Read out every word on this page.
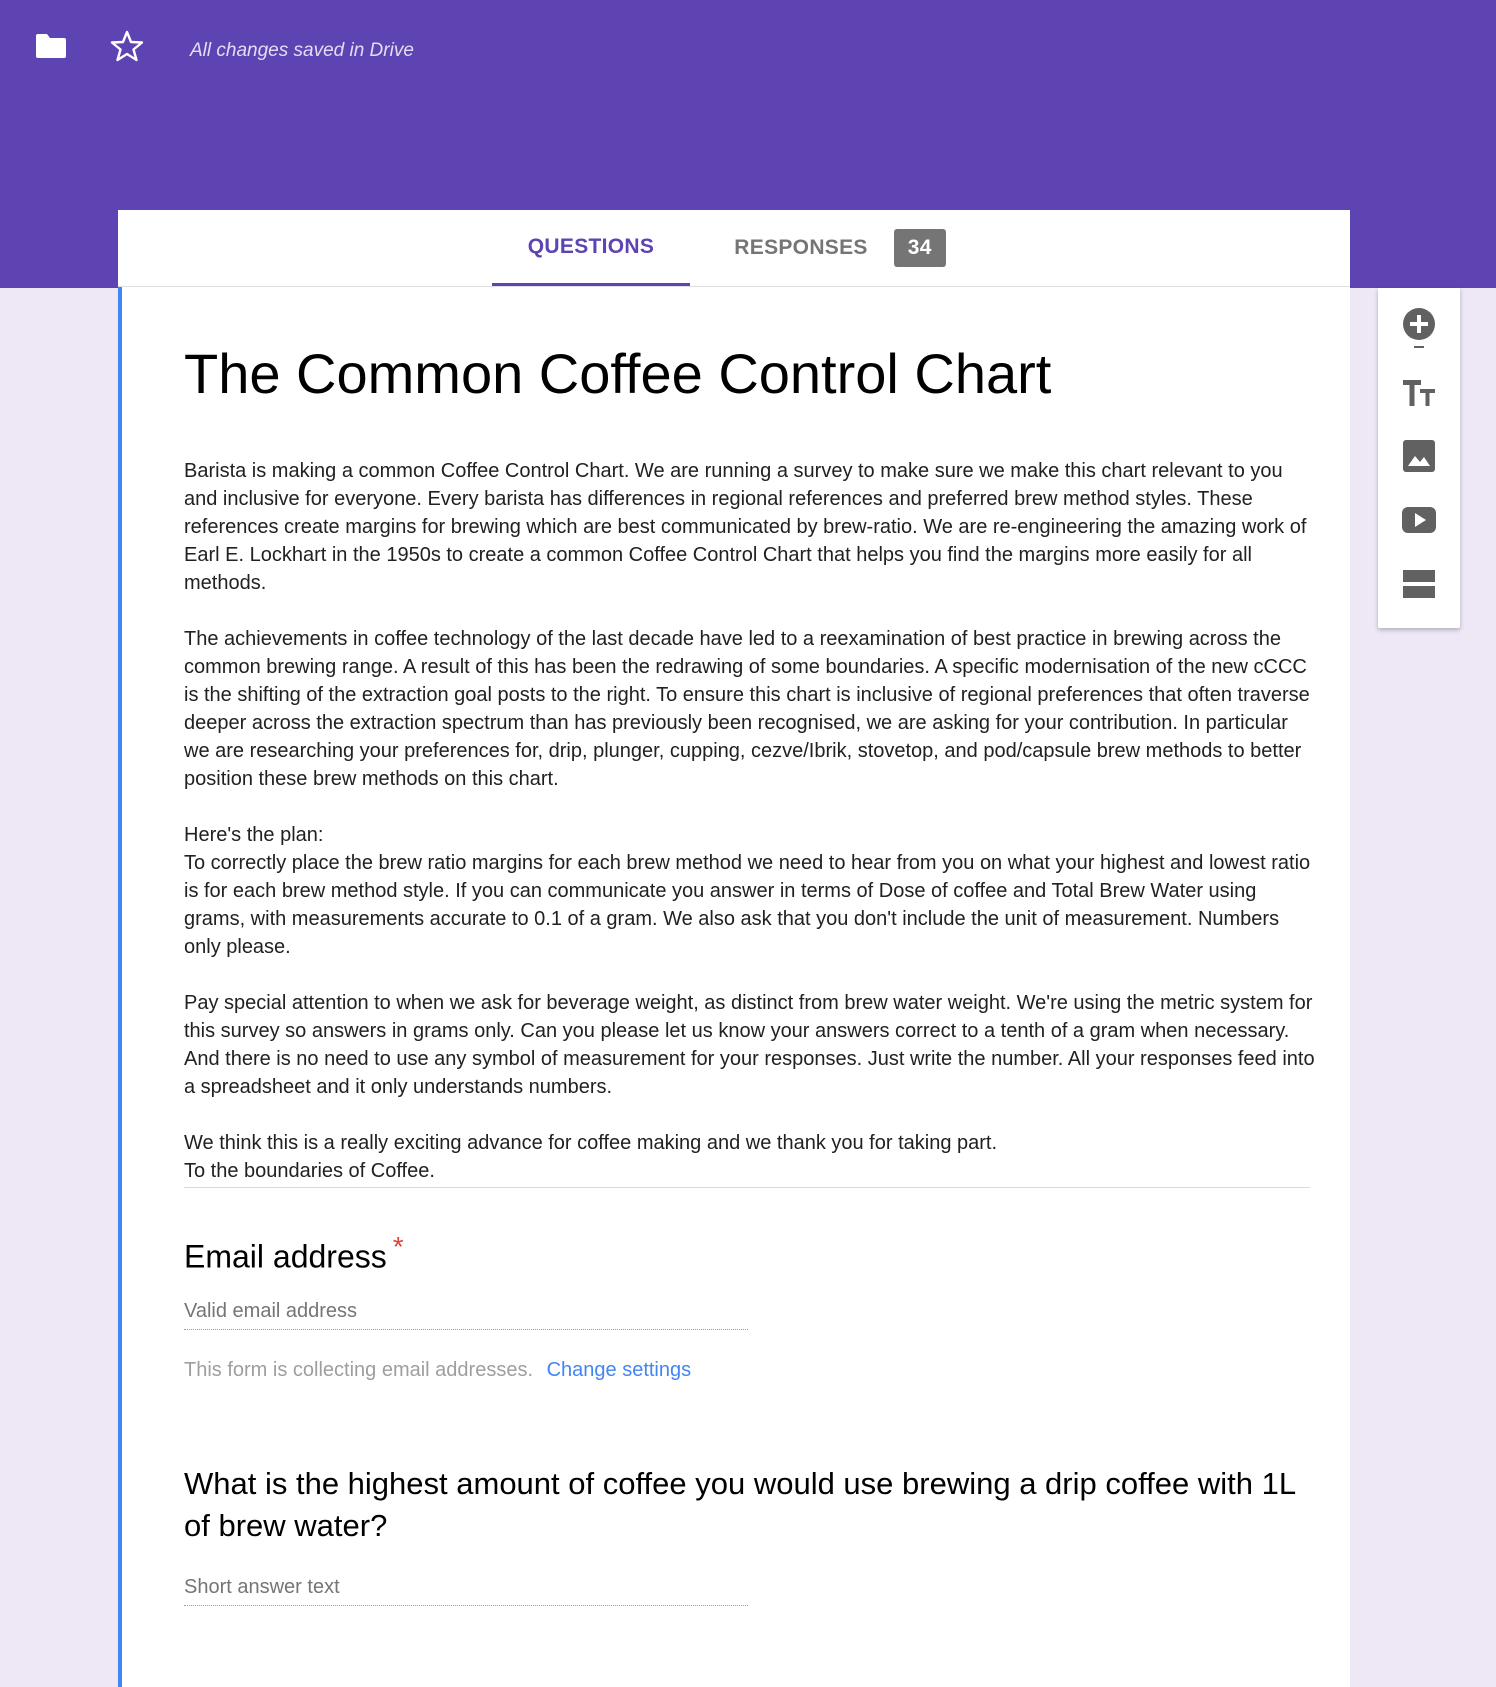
All changes saved in Drive
QUESTIONS	RESPONSES	34
The Common Coffee Control Chart

Barista is making a common Coffee Control Chart. We are running a survey to make sure we make this chart relevant to you and inclusive for everyone. Every barista has differences in regional references and preferred brew method styles. These references create margins for brewing which are best communicated by brew-ratio. We are re-engineering the amazing work of Earl E. Lockhart in the 1950s to create a common Coffee Control Chart that helps you find the margins more easily for all methods.

The achievements in coffee technology of the last decade have led to a reexamination of best practice in brewing across the common brewing range. A result of this has been the redrawing of some boundaries. A specific modernisation of the new cCCC is the shifting of the extraction goal posts to the right. To ensure this chart is inclusive of regional preferences that often traverse deeper across the extraction spectrum than has previously been recognised, we are asking for your contribution. In particular we are researching your preferences for, drip, plunger, cupping, cezve/Ibrik, stovetop, and pod/capsule brew methods to better position these brew methods on this chart.

Here's the plan:

To correctly place the brew ratio margins for each brew method we need to hear from you on what your highest and lowest ratio is for each brew method style. If you can communicate you answer in terms of Dose of coffee and Total Brew Water using grams, with measurements accurate to 0.1 of a gram. We also ask that you don't include the unit of measurement. Numbers only please.

Pay special attention to when we ask for beverage weight, as distinct from brew water weight. We're using the metric system for this survey so answers in grams only. Can you please let us know your answers correct to a tenth of a gram when necessary. And there is no need to use any symbol of measurement for your responses. Just write the number. All your responses feed into a spreadsheet and it only understands numbers.

We think this is a really exciting advance for coffee making and we thank you for taking part.

To the boundaries of Coffee.

Email address *
Valid email address
This form is collecting email addresses. Change settings
What is the highest amount of coffee you would use brewing a drip coffee with 1L of brew water?
Short answer text
